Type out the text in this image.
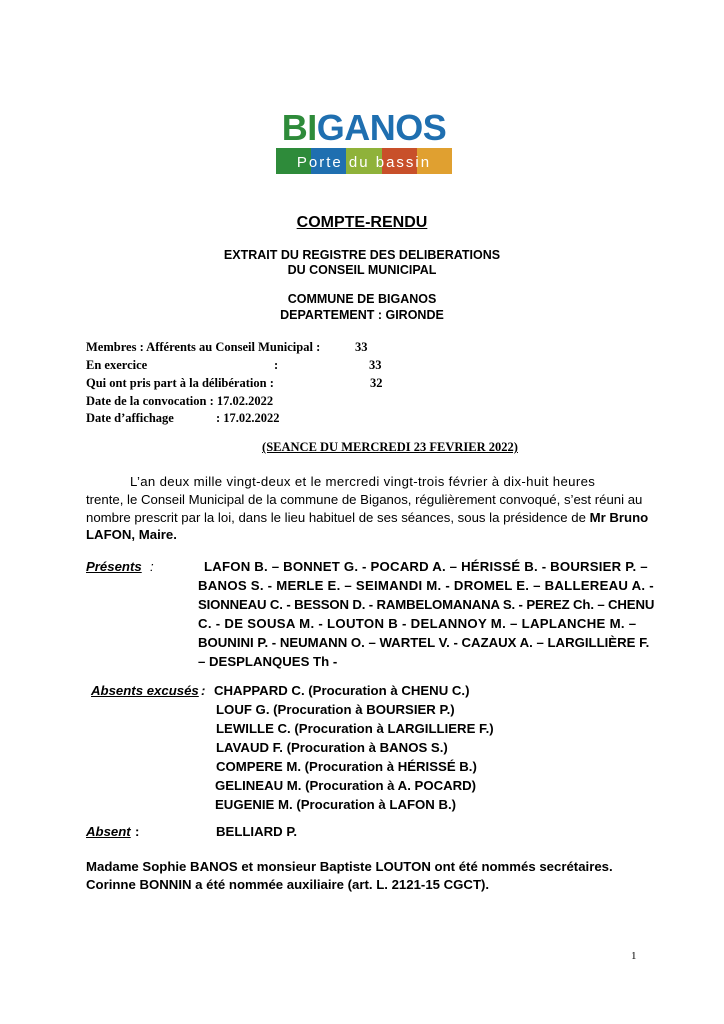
BIGANOS
Porte du bassin
COMPTE-RENDU
EXTRAIT DU REGISTRE DES DELIBERATIONS
DU CONSEIL MUNICIPAL
COMMUNE DE BIGANOS
DEPARTEMENT : GIRONDE
Membres : Afférents au Conseil Municipal :	33
En exercice	:	33
Qui ont pris part à la délibération :	32
Date de la convocation : 17.02.2022
Date d’affichage	: 17.02.2022
(SEANCE DU MERCREDI 23 FEVRIER 2022)
L’an deux mille vingt-deux et le mercredi vingt-trois février à dix-huit heures
trente, le Conseil Municipal de la commune de Biganos, régulièrement convoqué, s’est réuni au
nombre prescrit par la loi, dans le lieu habituel de ses séances, sous la présidence de Mr Bruno
LAFON, Maire.
Présents :	LAFON B. – BONNET G. - POCARD A. – HÉRISSÉ B. - BOURSIER P. –
BANOS S. - MERLE E. – SEIMANDI M. - DROMEL E. – BALLEREAU A. -
SIONNEAU C. - BESSON D. - RAMBELOMANANA S. - PEREZ Ch. – CHENU
C. - DE SOUSA M. - LOUTON B - DELANNOY M. – LAPLANCHE M. –
BOUNINI P. - NEUMANN O. – WARTEL V. - CAZAUX A. – LARGILLIÈRE F.
– DESPLANQUES Th -
Absents excusés : CHAPPARD C. (Procuration à CHENU C.)
LOUF G. (Procuration à BOURSIER P.)
LEWILLE C. (Procuration à LARGILLIERE F.)
LAVAUD F. (Procuration à BANOS S.)
COMPERE M. (Procuration à HÉRISSÉ B.)
GELINEAU M. (Procuration à A. POCARD)
EUGENIE M. (Procuration à LAFON B.)
Absent :	BELLIARD P.
Madame Sophie BANOS et monsieur Baptiste LOUTON ont été nommés secrétaires.
Corinne BONNIN a été nommée auxiliaire (art. L. 2121-15 CGCT).
1
